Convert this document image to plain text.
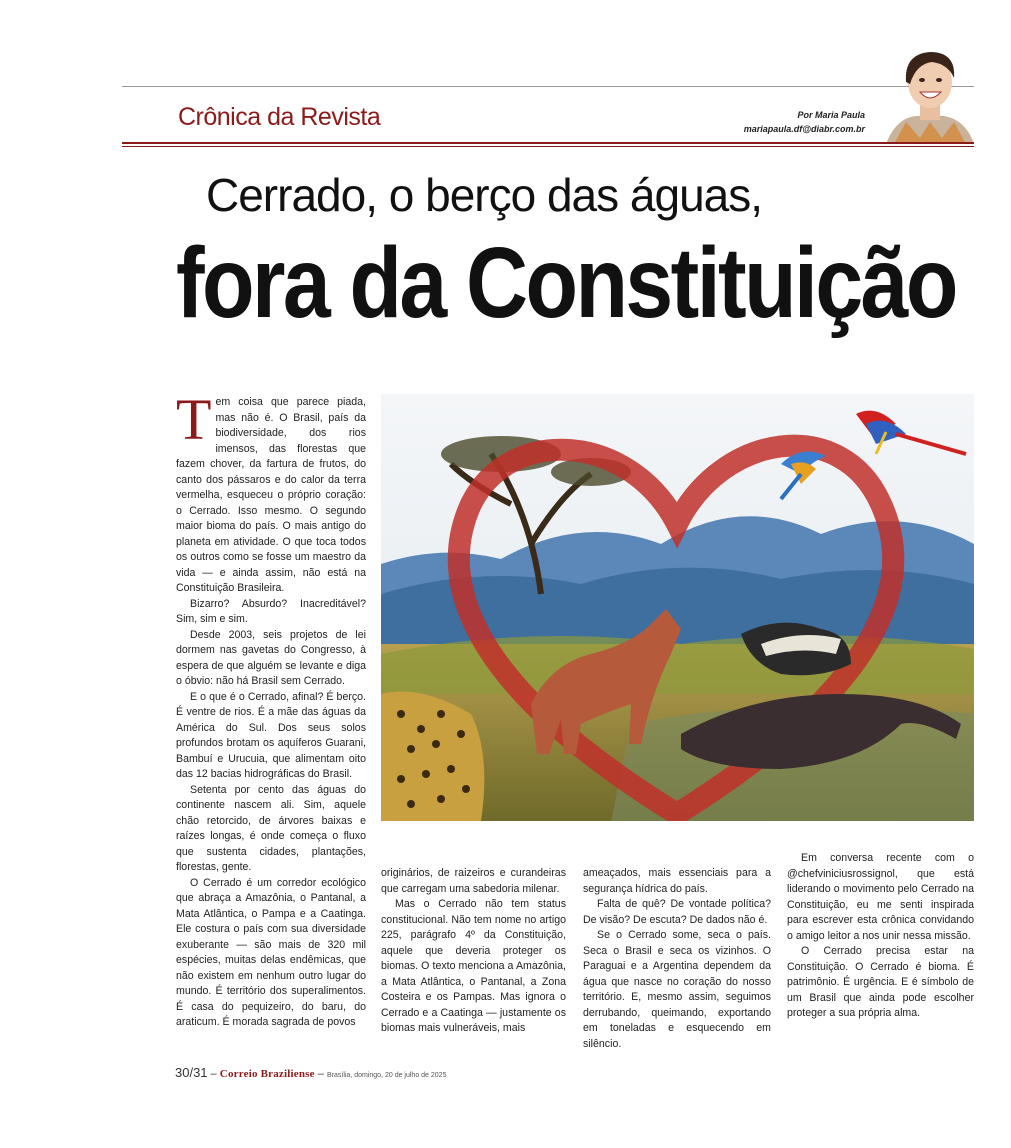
Crônica da Revista	Por Maria Paula
mariapaula.df@diabr.com.br
Cerrado, o berço das águas,
fora da Constituição
T em coisa que parece piada, mas não é. O Brasil, país da biodiversidade, dos rios imensos, das florestas que fazem chover, da fartura de frutos, do canto dos pássaros e do calor da terra vermelha, esqueceu o próprio coração: o Cerrado. Isso mesmo. O segundo maior bioma do país. O mais antigo do planeta em atividade. O que toca todos os outros como se fosse um maestro da vida — e ainda assim, não está na Constituição Brasileira.

Bizarro? Absurdo? Inacreditável? Sim, sim e sim.

Desde 2003, seis projetos de lei dormem nas gavetas do Congresso, à espera de que alguém se levante e diga o óbvio: não há Brasil sem Cerrado.

E o que é o Cerrado, afinal? É berço. É ventre de rios. É a mãe das águas da América do Sul. Dos seus solos profundos brotam os aquíferos Guarani, Bambuí e Urucuia, que alimentam oito das 12 bacias hidrográficas do Brasil.

Setenta por cento das águas do continente nascem ali. Sim, aquele chão retorcido, de árvores baixas e raízes longas, é onde começa o fluxo que sustenta cidades, plantações, florestas, gente.

O Cerrado é um corredor ecológico que abraça a Amazônia, o Pantanal, a Mata Atlântica, o Pampa e a Caatinga. Ele costura o país com sua diversidade exuberante — são mais de 320 mil espécies, muitas delas endêmicas, que não existem em nenhum outro lugar do mundo. É território dos superalimentos. É casa do pequizeiro, do baru, do araticum. É morada sagrada de povos

originários, de raizeiros e curandeiras que carregam uma sabedoria milenar.

Mas o Cerrado não tem status constitucional. Não tem nome no artigo 225, parágrafo 4º da Constituição, aquele que deveria proteger os biomas. O texto menciona a Amazônia, a Mata Atlântica, o Pantanal, a Zona Costeira e os Pampas. Mas ignora o Cerrado e a Caatinga — justamente os biomas mais vulneráveis, mais

ameaçados, mais essenciais para a segurança hídrica do país.

Falta de quê? De vontade política? De visão? De escuta? De dados não é.

Se o Cerrado some, seca o país. Seca o Brasil e seca os vizinhos. O Paraguai e a Argentina dependem da água que nasce no coração do nosso território. E, mesmo assim, seguimos derrubando, queimando, exportando em toneladas e esquecendo em silêncio.

Em conversa recente com o @chefviniciusrossignol, que está liderando o movimento pelo Cerrado na Constituição, eu me senti inspirada para escrever esta crônica convidando o amigo leitor a nos unir nessa missão.

O Cerrado precisa estar na Constituição. O Cerrado é bioma. É patrimônio. É urgência. E é símbolo de um Brasil que ainda pode escolher proteger a sua própria alma.

30/31 – Correio Braziliense – Brasília, domingo, 20 de julho de 2025
